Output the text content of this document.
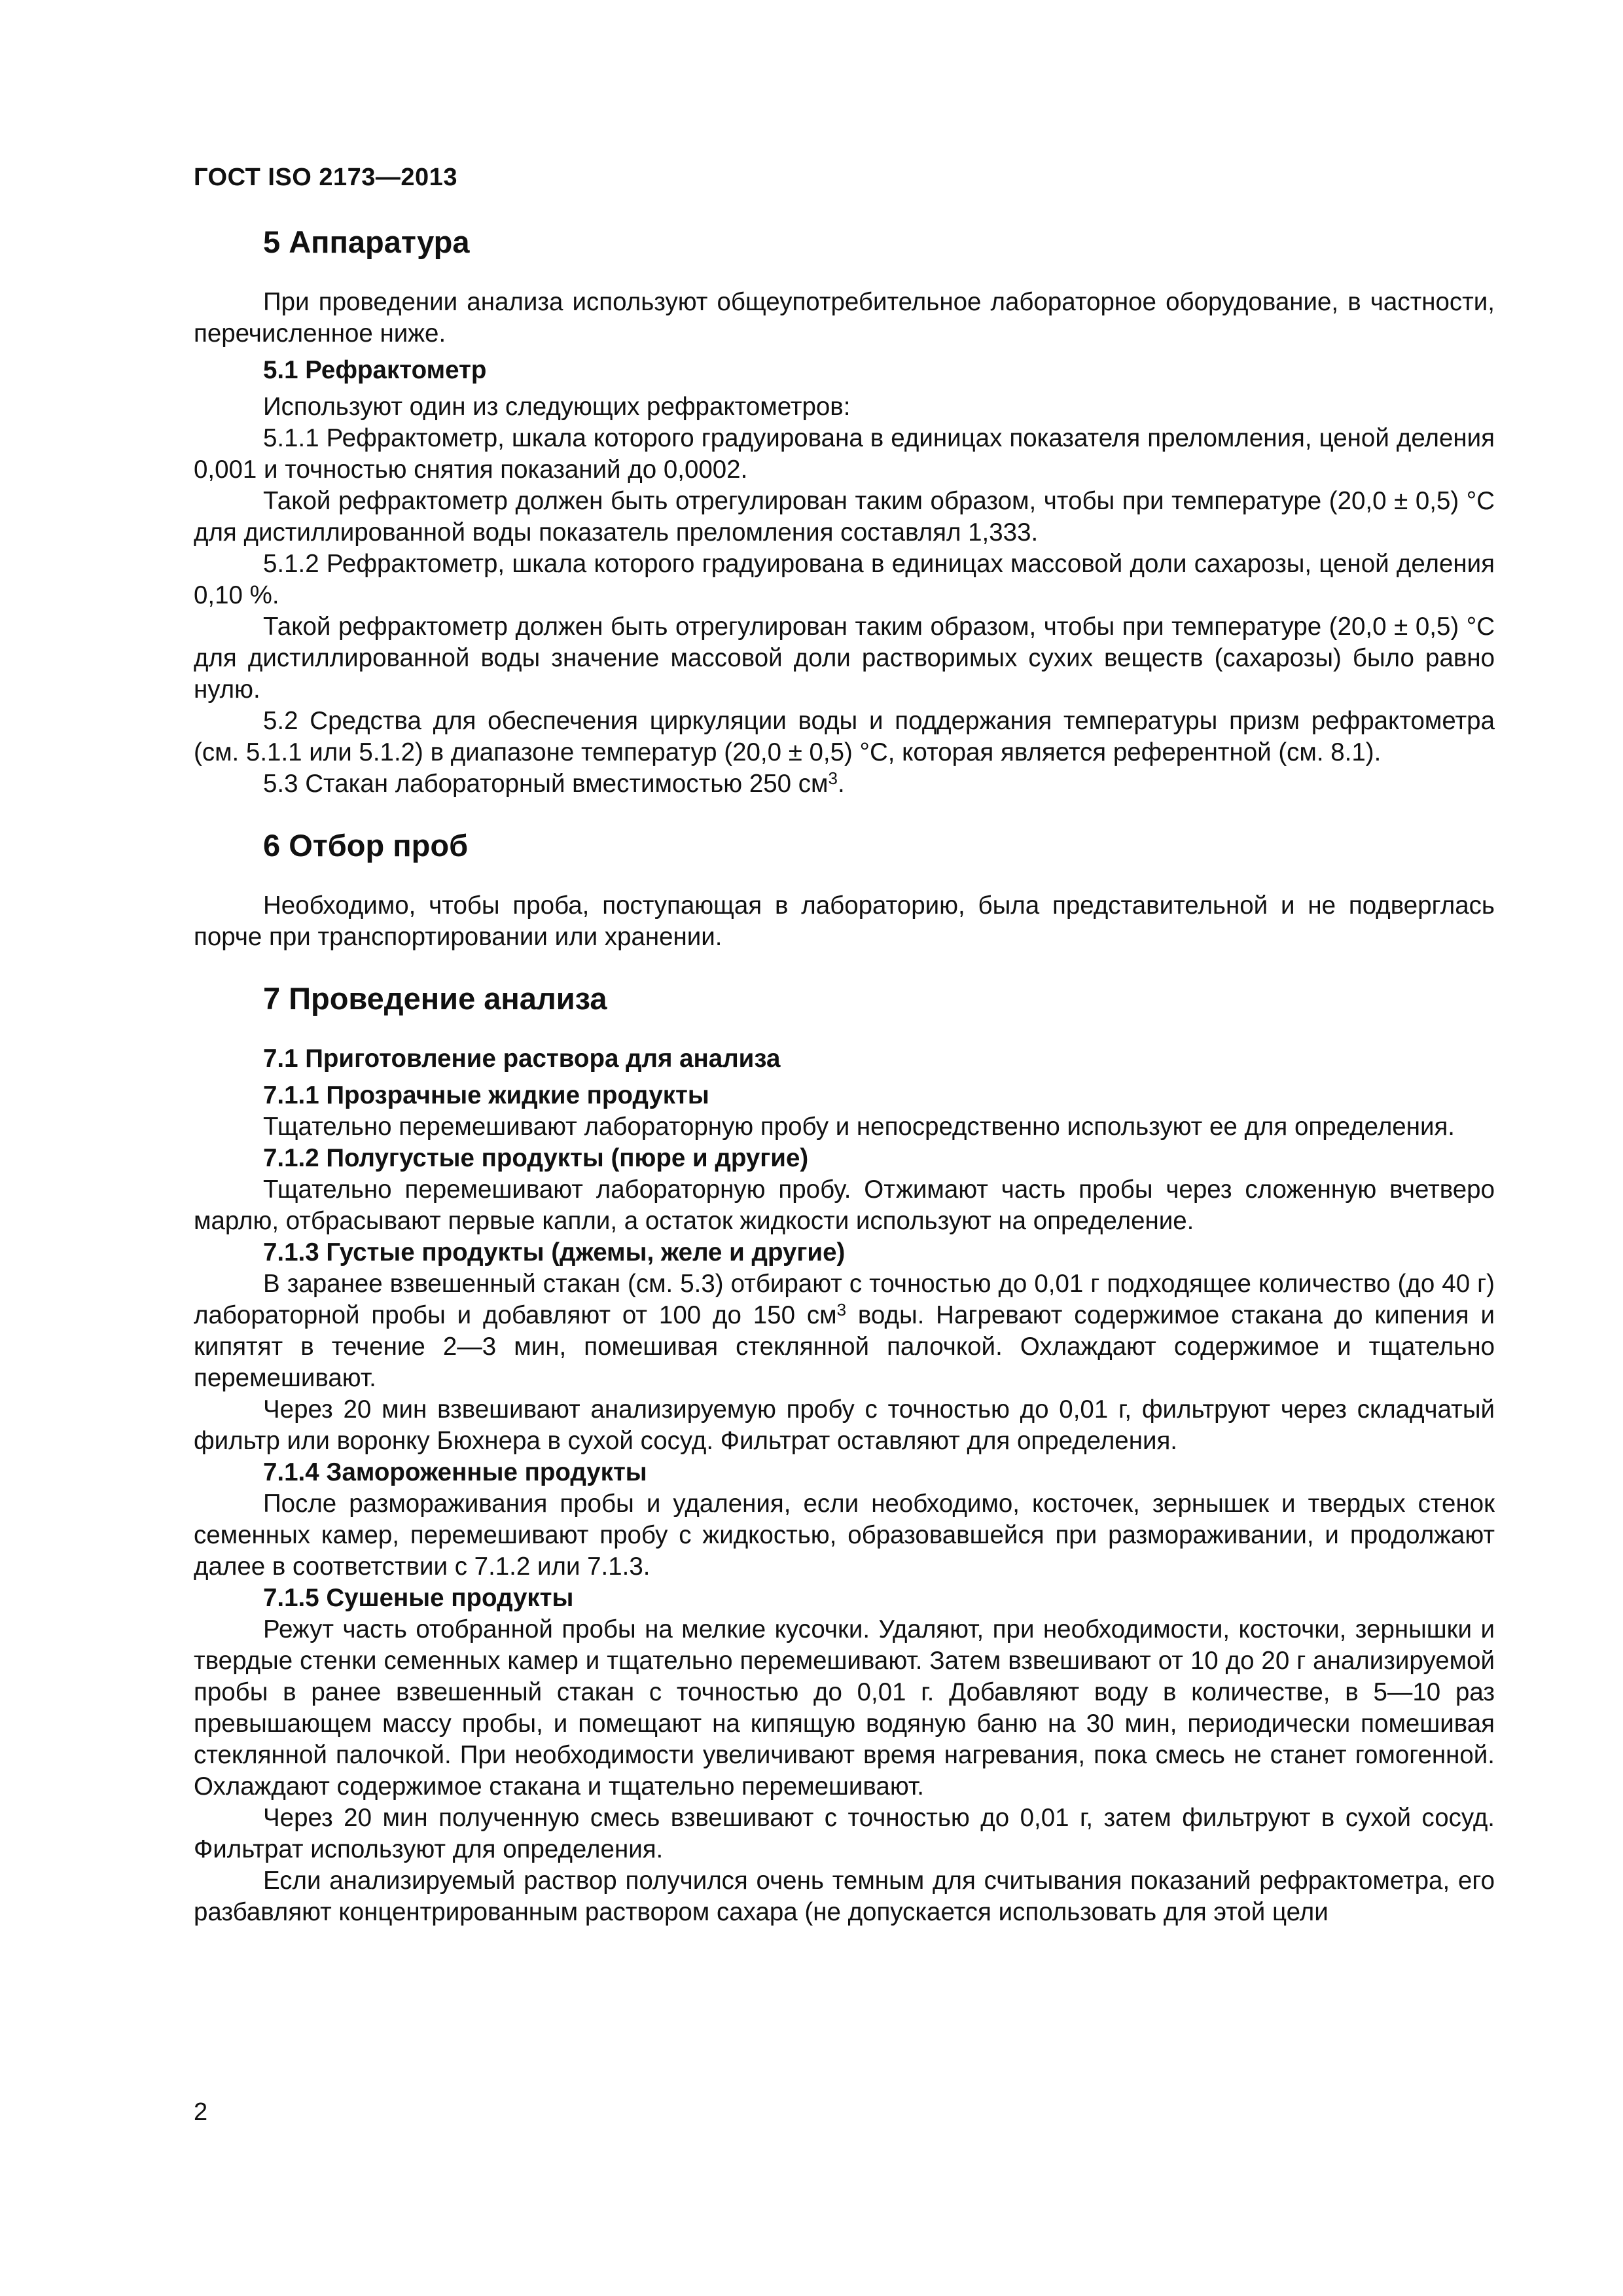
ГОСТ ISO 2173—2013
5 Аппаратура

При проведении анализа используют общеупотребительное лабораторное оборудование, в частности, перечисленное ниже.

5.1 Рефрактометр

Используют один из следующих рефрактометров:

5.1.1 Рефрактометр, шкала которого градуирована в единицах показателя преломления, ценой деления 0,001 и точностью снятия показаний до 0,0002.

Такой рефрактометр должен быть отрегулирован таким образом, чтобы при температуре (20,0 ± 0,5) °С для дистиллированной воды показатель преломления составлял 1,333.

5.1.2 Рефрактометр, шкала которого градуирована в единицах массовой доли сахарозы, ценой деления 0,10 %.

Такой рефрактометр должен быть отрегулирован таким образом, чтобы при температуре (20,0 ± 0,5) °С для дистиллированной воды значение массовой доли растворимых сухих веществ (сахарозы) было равно нулю.

5.2 Средства для обеспечения циркуляции воды и поддержания температуры призм рефрактометра (см. 5.1.1 или 5.1.2) в диапазоне температур (20,0 ± 0,5) °С, которая является референтной (см. 8.1).

5.3 Стакан лабораторный вместимостью 250 $см^3$.

6 Отбор проб

Необходимо, чтобы проба, поступающая в лабораторию, была представительной и не подверглась порче при транспортировании или хранении.

7 Проведение анализа
7.1 Приготовление раствора для анализа
7.1.1 Прозрачные жидкие продукты

Тщательно перемешивают лабораторную пробу и непосредственно используют ее для определения.

7.1.2 Полугустые продукты (пюре и другие)

Тщательно перемешивают лабораторную пробу. Отжимают часть пробы через сложенную вчетверо марлю, отбрасывают первые капли, а остаток жидкости используют на определение.

7.1.3 Густые продукты (джемы, желе и другие)

В заранее взвешенный стакан (см. 5.3) отбирают с точностью до 0,01 г подходящее количество (до 40 г) лабораторной пробы и добавляют от 100 до 150 $см^3$ воды. Нагревают содержимое стакана до кипения и кипятят в течение 2—3 мин, помешивая стеклянной палочкой. Охлаждают содержимое и тщательно перемешивают.

Через 20 мин взвешивают анализируемую пробу с точностью до 0,01 г, фильтруют через складчатый фильтр или воронку Бюхнера в сухой сосуд. Фильтрат оставляют для определения.

7.1.4 Замороженные продукты

После размораживания пробы и удаления, если необходимо, косточек, зернышек и твердых стенок семенных камер, перемешивают пробу с жидкостью, образовавшейся при размораживании, и продолжают далее в соответствии с 7.1.2 или 7.1.3.

7.1.5 Сушеные продукты

Режут часть отобранной пробы на мелкие кусочки. Удаляют, при необходимости, косточки, зернышки и твердые стенки семенных камер и тщательно перемешивают. Затем взвешивают от 10 до 20 г анализируемой пробы в ранее взвешенный стакан с точностью до 0,01 г. Добавляют воду в количестве, в 5—10 раз превышающем массу пробы, и помещают на кипящую водяную баню на 30 мин, периодически помешивая стеклянной палочкой. При необходимости увеличивают время нагревания, пока смесь не станет гомогенной. Охлаждают содержимое стакана и тщательно перемешивают.

Через 20 мин полученную смесь взвешивают с точностью до 0,01 г, затем фильтруют в сухой сосуд. Фильтрат используют для определения.

Если анализируемый раствор получился очень темным для считывания показаний рефрактометра, его разбавляют концентрированным раствором сахара (не допускается использовать для этой цели

2
